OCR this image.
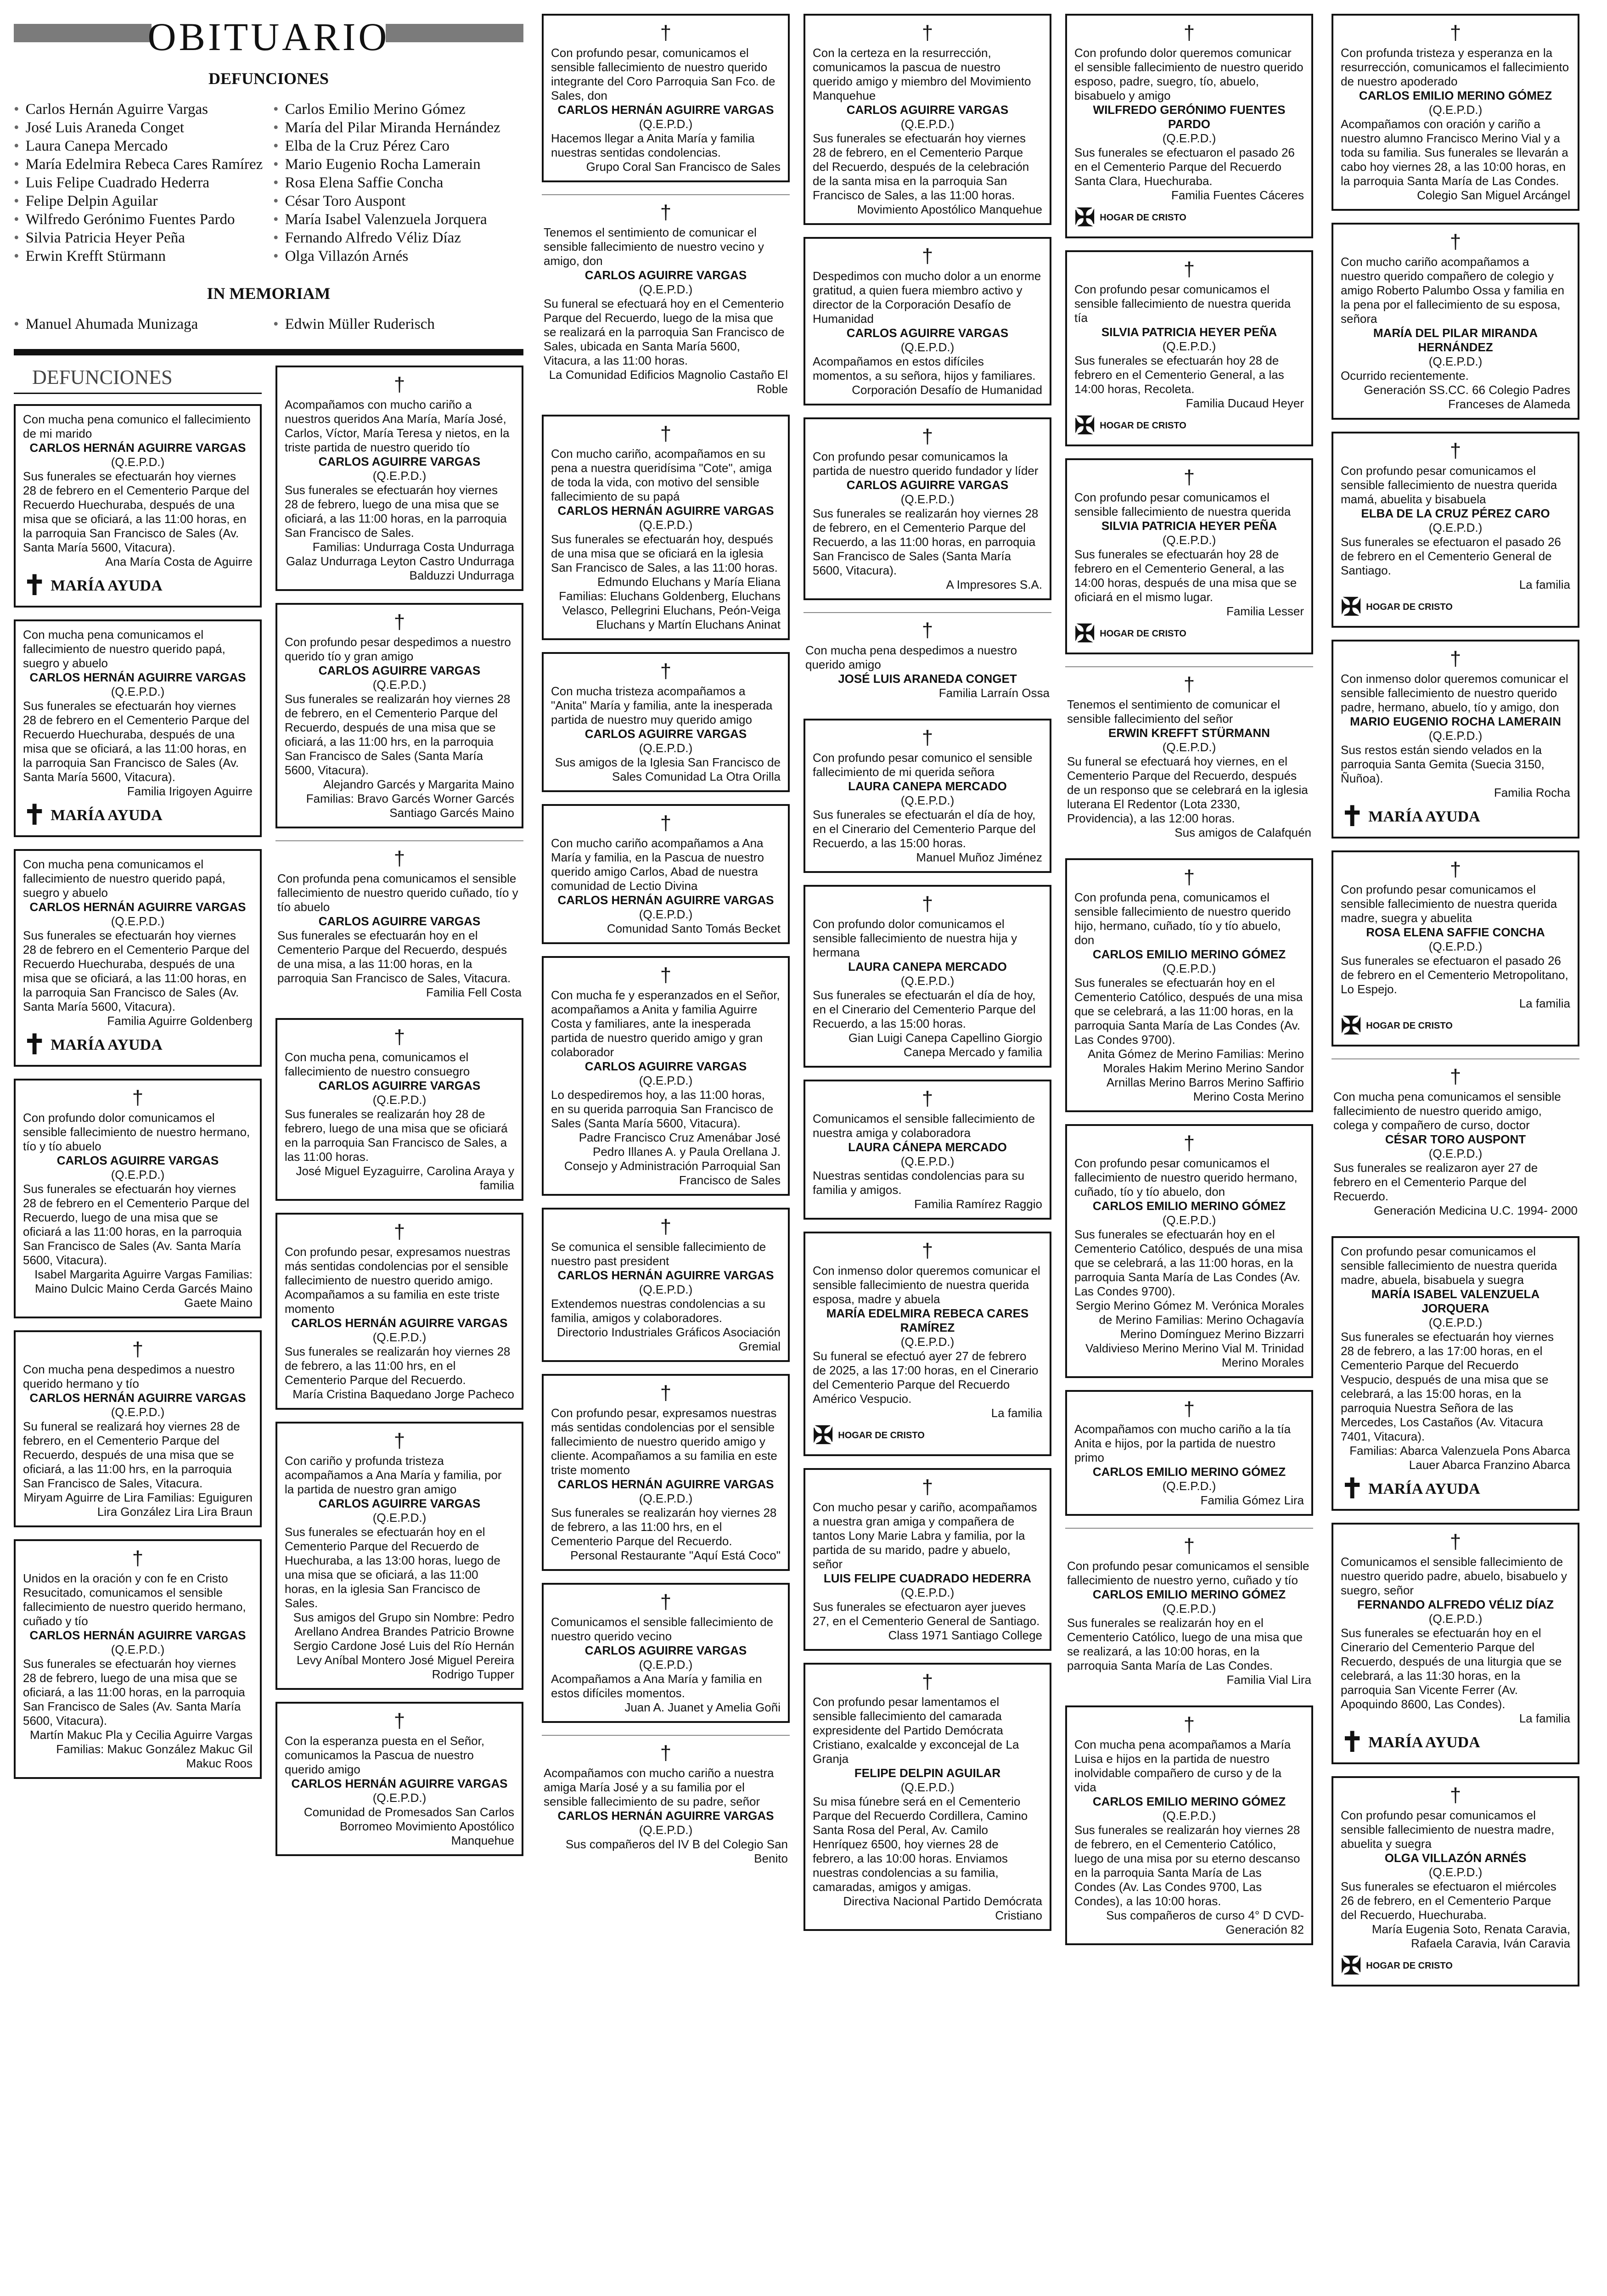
OBITUARIO
DEFUNCIONES
• Carlos Hernán Aguirre Vargas
• José Luis Araneda Conget
• Laura Canepa Mercado
• María Edelmira Rebeca Cares Ramírez
• Luis Felipe Cuadrado Hederra
• Felipe Delpin Aguilar
• Wilfredo Gerónimo Fuentes Pardo
• Silvia Patricia Heyer Peña
• Erwin Krefft Stürmann
• Carlos Emilio Merino Gómez
• María del Pilar Miranda Hernández
• Elba de la Cruz Pérez Caro
• Mario Eugenio Rocha Lamerain
• Rosa Elena Saffie Concha
• César Toro Auspont
• María Isabel Valenzuela Jorquera
• Fernando Alfredo Véliz Díaz
• Olga Villazón Arnés
IN MEMORIAM
• Manuel Ahumada Munizaga	• Edwin Müller Ruderisch
DEFUNCIONES
Con mucha pena comunico el fallecimiento de mi marido
CARLOS HERNÁN AGUIRRE VARGAS
(Q.E.P.D.)
Sus funerales se efectuarán hoy viernes 28 de febrero en el Cementerio Parque del Recuerdo Huechuraba, después de una misa que se oficiará, a las 11:00 horas, en la parroquia San Francisco de Sales (Av. Santa María 5600, Vitacura).
Ana María Costa de Aguirre
✝ MARÍA AYUDA
Con mucha pena comunicamos el fallecimiento de nuestro querido papá, suegro y abuelo
CARLOS HERNÁN AGUIRRE VARGAS
(Q.E.P.D.)
Sus funerales se efectuarán hoy viernes 28 de febrero en el Cementerio Parque del Recuerdo Huechuraba, después de una misa que se oficiará, a las 11:00 horas, en la parroquia San Francisco de Sales (Av. Santa María 5600, Vitacura).
Familia Irigoyen Aguirre
✝ MARÍA AYUDA
Con mucha pena comunicamos el fallecimiento de nuestro querido papá, suegro y abuelo
CARLOS HERNÁN AGUIRRE VARGAS
(Q.E.P.D.)
Sus funerales se efectuarán hoy viernes 28 de febrero en el Cementerio Parque del Recuerdo Huechuraba, después de una misa que se oficiará, a las 11:00 horas, en la parroquia San Francisco de Sales (Av. Santa María 5600, Vitacura).
Familia Aguirre Goldenberg
✝ MARÍA AYUDA
†
Con profundo dolor comunicamos el sensible fallecimiento de nuestro hermano, tío y tío abuelo
CARLOS AGUIRRE VARGAS
(Q.E.P.D.)
Sus funerales se efectuarán hoy viernes 28 de febrero en el Cementerio Parque del Recuerdo, luego de una misa que se oficiará a las 11:00 horas, en la parroquia San Francisco de Sales (Av. Santa María 5600, Vitacura).
Isabel Margarita Aguirre Vargas Familias: Maino Dulcic Maino Cerda Garcés Maino Gaete Maino
†
Con mucha pena despedimos a nuestro querido hermano y tío
CARLOS HERNÁN AGUIRRE VARGAS
(Q.E.P.D.)
Su funeral se realizará hoy viernes 28 de febrero, en el Cementerio Parque del Recuerdo, después de una misa que se oficiará, a las 11:00 hrs, en la parroquia San Francisco de Sales, Vitacura.
Miryam Aguirre de Lira Familias: Eguiguren Lira González Lira Lira Braun
†
Unidos en la oración y con fe en Cristo Resucitado, comunicamos el sensible fallecimiento de nuestro querido hermano, cuñado y tío
CARLOS HERNÁN AGUIRRE VARGAS
(Q.E.P.D.)
Sus funerales se efectuarán hoy viernes 28 de febrero, luego de una misa que se oficiará, a las 11:00 horas, en la parroquia San Francisco de Sales (Av. Santa María 5600, Vitacura).
Martín Makuc Pla y Cecilia Aguirre Vargas Familias: Makuc González Makuc Gil Makuc Roos
†
Acompañamos con mucho cariño a nuestros queridos Ana María, María José, Carlos, Víctor, María Teresa y nietos, en la triste partida de nuestro querido tío
CARLOS AGUIRRE VARGAS
(Q.E.P.D.)
Sus funerales se efectuarán hoy viernes 28 de febrero, luego de una misa que se oficiará, a las 11:00 horas, en la parroquia San Francisco de Sales.
Familias: Undurraga Costa Undurraga Galaz Undurraga Leyton Castro Undurraga Balduzzi Undurraga
†
Con profundo pesar despedimos a nuestro querido tío y gran amigo
CARLOS AGUIRRE VARGAS
(Q.E.P.D.)
Sus funerales se realizarán hoy viernes 28 de febrero, en el Cementerio Parque del Recuerdo, después de una misa que se oficiará, a las 11:00 hrs, en la parroquia San Francisco de Sales (Santa María 5600, Vitacura).
Alejandro Garcés y Margarita Maino Familias: Bravo Garcés Worner Garcés Santiago Garcés Maino
†
Con profunda pena comunicamos el sensible fallecimiento de nuestro querido cuñado, tío y tío abuelo
CARLOS AGUIRRE VARGAS
Sus funerales se efectuarán hoy en el Cementerio Parque del Recuerdo, después de una misa, a las 11:00 horas, en la parroquia San Francisco de Sales, Vitacura.
Familia Fell Costa
†
Con mucha pena, comunicamos el fallecimiento de nuestro consuegro
CARLOS AGUIRRE VARGAS
(Q.E.P.D.)
Sus funerales se realizarán hoy 28 de febrero, luego de una misa que se oficiará en la parroquia San Francisco de Sales, a las 11:00 horas.
José Miguel Eyzaguirre, Carolina Araya y familia
†
Con profundo pesar, expresamos nuestras más sentidas condolencias por el sensible fallecimiento de nuestro querido amigo. Acompañamos a su familia en este triste momento
CARLOS HERNÁN AGUIRRE VARGAS
(Q.E.P.D.)
Sus funerales se realizarán hoy viernes 28 de febrero, a las 11:00 hrs, en el Cementerio Parque del Recuerdo.
María Cristina Baquedano Jorge Pacheco
†
Con cariño y profunda tristeza acompañamos a Ana María y familia, por la partida de nuestro gran amigo
CARLOS AGUIRRE VARGAS
(Q.E.P.D.)
Sus funerales se efectuarán hoy en el Cementerio Parque del Recuerdo de Huechuraba, a las 13:00 horas, luego de una misa que se oficiará, a las 11:00 horas, en la iglesia San Francisco de Sales.
Sus amigos del Grupo sin Nombre: Pedro Arellano Andrea Brandes Patricio Browne Sergio Cardone José Luis del Río Hernán Levy Aníbal Montero José Miguel Pereira Rodrigo Tupper
†
Con la esperanza puesta en el Señor, comunicamos la Pascua de nuestro querido amigo
CARLOS HERNÁN AGUIRRE VARGAS
(Q.E.P.D.)
Comunidad de Promesados San Carlos Borromeo Movimiento Apostólico Manquehue
†
Con profundo pesar, comunicamos el sensible fallecimiento de nuestro querido integrante del Coro Parroquia San Fco. de Sales, don
CARLOS HERNÁN AGUIRRE VARGAS
(Q.E.P.D.)
Hacemos llegar a Anita María y familia nuestras sentidas condolencias.
Grupo Coral San Francisco de Sales
†
Tenemos el sentimiento de comunicar el sensible fallecimiento de nuestro vecino y amigo, don
CARLOS AGUIRRE VARGAS
(Q.E.P.D.)
Su funeral se efectuará hoy en el Cementerio Parque del Recuerdo, luego de la misa que se realizará en la parroquia San Francisco de Sales, ubicada en Santa María 5600, Vitacura, a las 11:00 horas.
La Comunidad Edificios Magnolio Castaño El Roble
†
Con mucho cariño, acompañamos en su pena a nuestra queridísima "Cote", amiga de toda la vida, con motivo del sensible fallecimiento de su papá
CARLOS HERNÁN AGUIRRE VARGAS
(Q.E.P.D.)
Sus funerales se efectuarán hoy, después de una misa que se oficiará en la iglesia San Francisco de Sales, a las 11:00 horas.
Edmundo Eluchans y María Eliana Familias: Eluchans Goldenberg, Eluchans Velasco, Pellegrini Eluchans, Peón-Veiga Eluchans y Martín Eluchans Aninat
†
Con mucha tristeza acompañamos a "Anita" María y familia, ante la inesperada partida de nuestro muy querido amigo
CARLOS AGUIRRE VARGAS
(Q.E.P.D.)
Sus amigos de la Iglesia San Francisco de Sales Comunidad La Otra Orilla
†
Con mucho cariño acompañamos a Ana María y familia, en la Pascua de nuestro querido amigo Carlos, Abad de nuestra comunidad de Lectio Divina
CARLOS HERNÁN AGUIRRE VARGAS
(Q.E.P.D.)
Comunidad Santo Tomás Becket
†
Con mucha fe y esperanzados en el Señor, acompañamos a Anita y familia Aguirre Costa y familiares, ante la inesperada partida de nuestro querido amigo y gran colaborador
CARLOS AGUIRRE VARGAS
(Q.E.P.D.)
Lo despediremos hoy, a las 11:00 horas, en su querida parroquia San Francisco de Sales (Santa María 5600, Vitacura).
Padre Francisco Cruz Amenábar José Pedro Illanes A. y Paula Orellana J. Consejo y Administración Parroquial San Francisco de Sales
†
Se comunica el sensible fallecimiento de nuestro past president
CARLOS HERNÁN AGUIRRE VARGAS
(Q.E.P.D.)
Extendemos nuestras condolencias a su familia, amigos y colaboradores.
Directorio Industriales Gráficos Asociación Gremial
†
Con profundo pesar, expresamos nuestras más sentidas condolencias por el sensible fallecimiento de nuestro querido amigo y cliente. Acompañamos a su familia en este triste momento
CARLOS HERNÁN AGUIRRE VARGAS
(Q.E.P.D.)
Sus funerales se realizarán hoy viernes 28 de febrero, a las 11:00 hrs, en el Cementerio Parque del Recuerdo.
Personal Restaurante "Aquí Está Coco"
†
Comunicamos el sensible fallecimiento de nuestro querido vecino
CARLOS AGUIRRE VARGAS
(Q.E.P.D.)
Acompañamos a Ana María y familia en estos difíciles momentos.
Juan A. Juanet y Amelia Goñi
†
Acompañamos con mucho cariño a nuestra amiga María José y a su familia por el sensible fallecimiento de su padre, señor
CARLOS HERNÁN AGUIRRE VARGAS
(Q.E.P.D.)
Sus compañeros del IV B del Colegio San Benito
†
Con la certeza en la resurrección, comunicamos la pascua de nuestro querido amigo y miembro del Movimiento Manquehue
CARLOS AGUIRRE VARGAS
(Q.E.P.D.)
Sus funerales se efectuarán hoy viernes 28 de febrero, en el Cementerio Parque del Recuerdo, después de la celebración de la santa misa en la parroquia San Francisco de Sales, a las 11:00 horas.
Movimiento Apostólico Manquehue
†
Despedimos con mucho dolor a un enorme gratitud, a quien fuera miembro activo y director de la Corporación Desafío de Humanidad
CARLOS AGUIRRE VARGAS
(Q.E.P.D.)
Acompañamos en estos difíciles momentos, a su señora, hijos y familiares.
Corporación Desafío de Humanidad
†
Con profundo pesar comunicamos la partida de nuestro querido fundador y líder
CARLOS AGUIRRE VARGAS
(Q.E.P.D.)
Sus funerales se realizarán hoy viernes 28 de febrero, en el Cementerio Parque del Recuerdo, a las 11:00 horas, en parroquia San Francisco de Sales (Santa María 5600, Vitacura).
A Impresores S.A.
†
Con mucha pena despedimos a nuestro querido amigo
JOSÉ LUIS ARANEDA CONGET
Familia Larraín Ossa
†
Con profundo pesar comunico el sensible fallecimiento de mi querida señora
LAURA CANEPA MERCADO
(Q.E.P.D.)
Sus funerales se efectuarán el día de hoy, en el Cinerario del Cementerio Parque del Recuerdo, a las 15:00 horas.
Manuel Muñoz Jiménez
†
Con profundo dolor comunicamos el sensible fallecimiento de nuestra hija y hermana
LAURA CANEPA MERCADO
(Q.E.P.D.)
Sus funerales se efectuarán el día de hoy, en el Cinerario del Cementerio Parque del Recuerdo, a las 15:00 horas.
Gian Luigi Canepa Capellino Giorgio Canepa Mercado y familia
†
Comunicamos el sensible fallecimiento de nuestra amiga y colaboradora
LAURA CÁNEPA MERCADO
(Q.E.P.D.)
Nuestras sentidas condolencias para su familia y amigos.
Familia Ramírez Raggio
†
Con inmenso dolor queremos comunicar el sensible fallecimiento de nuestra querida esposa, madre y abuela
MARÍA EDELMIRA REBECA CARES RAMÍREZ
(Q.E.P.D.)
Su funeral se efectuó ayer 27 de febrero de 2025, a las 17:00 horas, en el Cinerario del Cementerio Parque del Recuerdo Américo Vespucio.
La familia
✠ HOGAR DE CRISTO
†
Con mucho pesar y cariño, acompañamos a nuestra gran amiga y compañera de tantos Lony Marie Labra y familia, por la partida de su marido, padre y abuelo, señor
LUIS FELIPE CUADRADO HEDERRA
(Q.E.P.D.)
Sus funerales se efectuaron ayer jueves 27, en el Cementerio General de Santiago.
Class 1971 Santiago College
†
Con profundo pesar lamentamos el sensible fallecimiento del camarada expresidente del Partido Demócrata Cristiano, exalcalde y exconcejal de La Granja
FELIPE DELPIN AGUILAR
(Q.E.P.D.)
Su misa fúnebre será en el Cementerio Parque del Recuerdo Cordillera, Camino Santa Rosa del Peral, Av. Camilo Henríquez 6500, hoy viernes 28 de febrero, a las 10:00 horas. Enviamos nuestras condolencias a su familia, camaradas, amigos y amigas.
Directiva Nacional Partido Demócrata Cristiano
†
Con profundo dolor queremos comunicar el sensible fallecimiento de nuestro querido esposo, padre, suegro, tío, abuelo, bisabuelo y amigo
WILFREDO GERÓNIMO FUENTES PARDO
(Q.E.P.D.)
Sus funerales se efectuaron el pasado 26 en el Cementerio Parque del Recuerdo Santa Clara, Huechuraba.
Familia Fuentes Cáceres
✠ HOGAR DE CRISTO
†
Con profundo pesar comunicamos el sensible fallecimiento de nuestra querida tía
SILVIA PATRICIA HEYER PEÑA
(Q.E.P.D.)
Sus funerales se efectuarán hoy 28 de febrero en el Cementerio General, a las 14:00 horas, Recoleta.
Familia Ducaud Heyer
✠ HOGAR DE CRISTO
†
Con profundo pesar comunicamos el sensible fallecimiento de nuestra querida
SILVIA PATRICIA HEYER PEÑA
(Q.E.P.D.)
Sus funerales se efectuarán hoy 28 de febrero en el Cementerio General, a las 14:00 horas, después de una misa que se oficiará en el mismo lugar.
Familia Lesser
✠ HOGAR DE CRISTO
†
Tenemos el sentimiento de comunicar el sensible fallecimiento del señor
ERWIN KREFFT STÜRMANN
(Q.E.P.D.)
Su funeral se efectuará hoy viernes, en el Cementerio Parque del Recuerdo, después de un responso que se celebrará en la iglesia luterana El Redentor (Lota 2330, Providencia), a las 12:00 horas.
Sus amigos de Calafquén
†
Con profunda pena, comunicamos el sensible fallecimiento de nuestro querido hijo, hermano, cuñado, tío y tío abuelo, don
CARLOS EMILIO MERINO GÓMEZ
(Q.E.P.D.)
Sus funerales se efectuarán hoy en el Cementerio Católico, después de una misa que se celebrará, a las 11:00 horas, en la parroquia Santa María de Las Condes (Av. Las Condes 9700).
Anita Gómez de Merino Familias: Merino Morales Hakim Merino Merino Sandor Arnillas Merino Barros Merino Saffirio Merino Costa Merino
†
Con profundo pesar comunicamos el fallecimiento de nuestro querido hermano, cuñado, tío y tío abuelo, don
CARLOS EMILIO MERINO GÓMEZ
(Q.E.P.D.)
Sus funerales se efectuarán hoy en el Cementerio Católico, después de una misa que se celebrará, a las 11:00 horas, en la parroquia Santa María de Las Condes (Av. Las Condes 9700).
Sergio Merino Gómez M. Verónica Morales de Merino Familias: Merino Ochagavía Merino Domínguez Merino Bizzarri Valdivieso Merino Merino Vial M. Trinidad Merino Morales
†
Acompañamos con mucho cariño a la tía Anita e hijos, por la partida de nuestro primo
CARLOS EMILIO MERINO GÓMEZ
(Q.E.P.D.)
Familia Gómez Lira
†
Con profundo pesar comunicamos el sensible fallecimiento de nuestro yerno, cuñado y tío
CARLOS EMILIO MERINO GÓMEZ
(Q.E.P.D.)
Sus funerales se realizarán hoy en el Cementerio Católico, luego de una misa que se realizará, a las 10:00 horas, en la parroquia Santa María de Las Condes.
Familia Vial Lira
†
Con mucha pena acompañamos a María Luisa e hijos en la partida de nuestro inolvidable compañero de curso y de la vida
CARLOS EMILIO MERINO GÓMEZ
(Q.E.P.D.)
Sus funerales se realizarán hoy viernes 28 de febrero, en el Cementerio Católico, luego de una misa por su eterno descanso en la parroquia Santa María de Las Condes (Av. Las Condes 9700, Las Condes), a las 10:00 horas.
Sus compañeros de curso 4° D CVD- Generación 82
†
Con profunda tristeza y esperanza en la resurrección, comunicamos el fallecimiento de nuestro apoderado
CARLOS EMILIO MERINO GÓMEZ
(Q.E.P.D.)
Acompañamos con oración y cariño a nuestro alumno Francisco Merino Vial y a toda su familia. Sus funerales se llevarán a cabo hoy viernes 28, a las 10:00 horas, en la parroquia Santa María de Las Condes.
Colegio San Miguel Arcángel
†
Con mucho cariño acompañamos a nuestro querido compañero de colegio y amigo Roberto Palumbo Ossa y familia en la pena por el fallecimiento de su esposa, señora
MARÍA DEL PILAR MIRANDA HERNÁNDEZ
(Q.E.P.D.)
Ocurrido recientemente.
Generación SS.CC. 66 Colegio Padres Franceses de Alameda
†
Con profundo pesar comunicamos el sensible fallecimiento de nuestra querida mamá, abuelita y bisabuela
ELBA DE LA CRUZ PÉREZ CARO
(Q.E.P.D.)
Sus funerales se efectuaron el pasado 26 de febrero en el Cementerio General de Santiago.
La familia
✠ HOGAR DE CRISTO
†
Con inmenso dolor queremos comunicar el sensible fallecimiento de nuestro querido padre, hermano, abuelo, tío y amigo, don
MARIO EUGENIO ROCHA LAMERAIN
(Q.E.P.D.)
Sus restos están siendo velados en la parroquia Santa Gemita (Suecia 3150, Ñuñoa).
Familia Rocha
✝ MARÍA AYUDA
†
Con profundo pesar comunicamos el sensible fallecimiento de nuestra querida madre, suegra y abuelita
ROSA ELENA SAFFIE CONCHA
(Q.E.P.D.)
Sus funerales se efectuaron el pasado 26 de febrero en el Cementerio Metropolitano, Lo Espejo.
La familia
✠ HOGAR DE CRISTO
†
Con mucha pena comunicamos el sensible fallecimiento de nuestro querido amigo, colega y compañero de curso, doctor
CÉSAR TORO AUSPONT
(Q.E.P.D.)
Sus funerales se realizaron ayer 27 de febrero en el Cementerio Parque del Recuerdo.
Generación Medicina U.C. 1994- 2000
Con profundo pesar comunicamos el sensible fallecimiento de nuestra querida madre, abuela, bisabuela y suegra
MARÍA ISABEL VALENZUELA JORQUERA
(Q.E.P.D.)
Sus funerales se efectuarán hoy viernes 28 de febrero, a las 17:00 horas, en el Cementerio Parque del Recuerdo Vespucio, después de una misa que se celebrará, a las 15:00 horas, en la parroquia Nuestra Señora de las Mercedes, Los Castaños (Av. Vitacura 7401, Vitacura).
Familias: Abarca Valenzuela Pons Abarca Lauer Abarca Franzino Abarca
✝ MARÍA AYUDA
†
Comunicamos el sensible fallecimiento de nuestro querido padre, abuelo, bisabuelo y suegro, señor
FERNANDO ALFREDO VÉLIZ DÍAZ
(Q.E.P.D.)
Sus funerales se efectuarán hoy en el Cinerario del Cementerio Parque del Recuerdo, después de una liturgia que se celebrará, a las 11:30 horas, en la parroquia San Vicente Ferrer (Av. Apoquindo 8600, Las Condes).
La familia
✝ MARÍA AYUDA
†
Con profundo pesar comunicamos el sensible fallecimiento de nuestra madre, abuelita y suegra
OLGA VILLAZÓN ARNÉS
(Q.E.P.D.)
Sus funerales se efectuaron el miércoles 26 de febrero, en el Cementerio Parque del Recuerdo, Huechuraba.
María Eugenia Soto, Renata Caravia, Rafaela Caravia, Iván Caravia
✠ HOGAR DE CRISTO
